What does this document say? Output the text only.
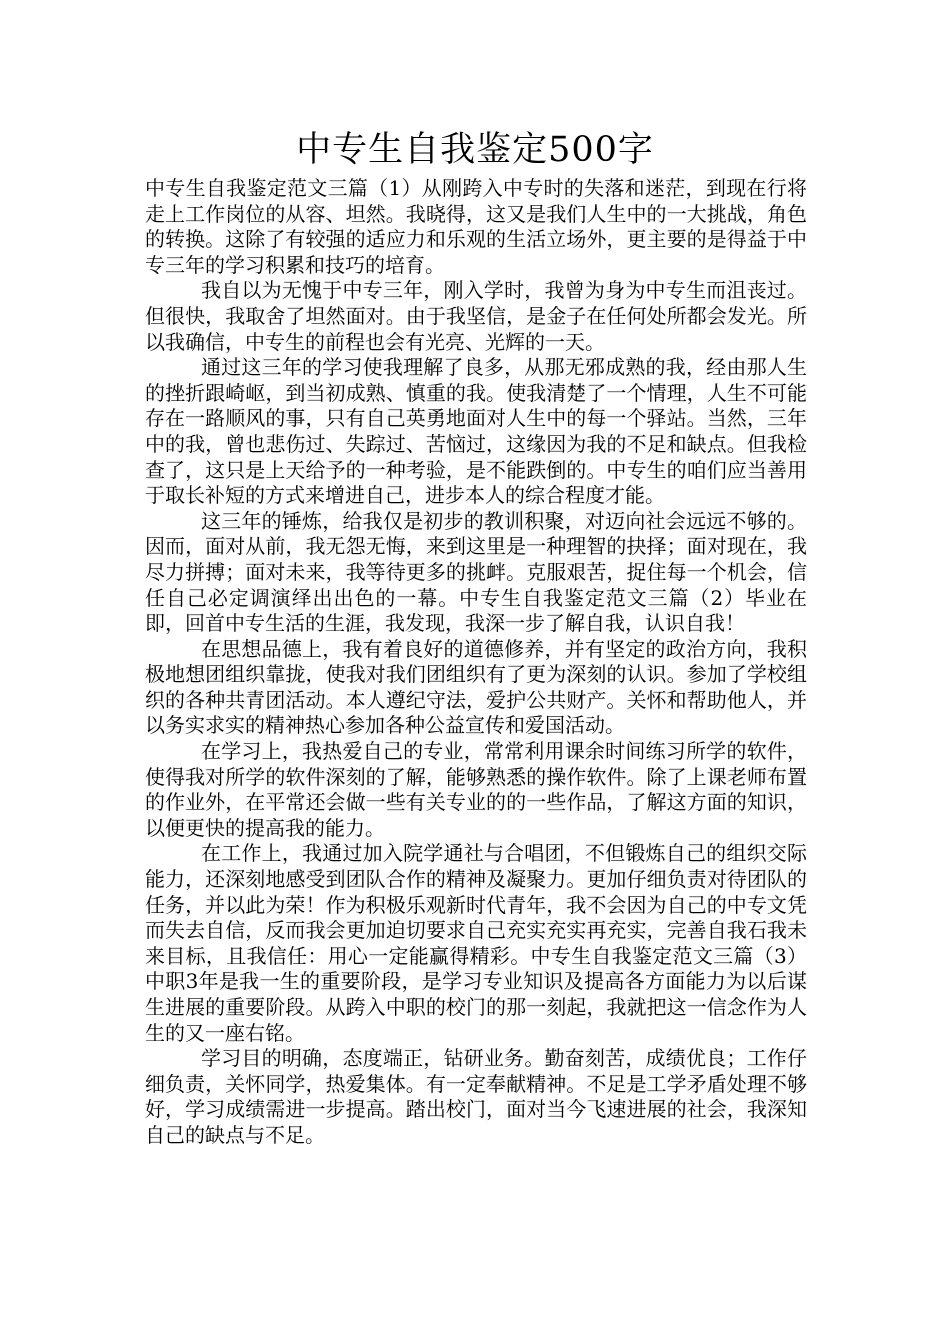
中专生自我鉴定500字

中专生自我鉴定范文三篇（1）从刚跨入中专时的失落和迷茫，到现在行将走上工作岗位的从容、坦然。我晓得，这又是我们人生中的一大挑战，角色的转换。这除了有较强的适应力和乐观的生活立场外，更主要的是得益于中专三年的学习积累和技巧的培育。

我自以为无愧于中专三年，刚入学时，我曾为身为中专生而沮丧过。但很快，我取舍了坦然面对。由于我坚信，是金子在任何处所都会发光。所以我确信，中专生的前程也会有光亮、光辉的一天。

通过这三年的学习使我理解了良多，从那无邪成熟的我，经由那人生的挫折跟崎岖，到当初成熟、慎重的我。使我清楚了一个情理，人生不可能存在一路顺风的事，只有自己英勇地面对人生中的每一个驿站。当然，三年中的我，曾也悲伤过、失踪过、苦恼过，这缘因为我的不足和缺点。但我检查了，这只是上天给予的一种考验，是不能跌倒的。中专生的咱们应当善用于取长补短的方式来增进自己，进步本人的综合程度才能。

这三年的锤炼，给我仅是初步的教训积聚，对迈向社会远远不够的。因而，面对从前，我无怨无悔，来到这里是一种理智的抉择；面对现在，我尽力拼搏；面对未来，我等待更多的挑衅。克服艰苦，捉住每一个机会，信任自己必定调演绎出出色的一幕。中专生自我鉴定范文三篇（2）毕业在即，回首中专生活的生涯，我发现，我深一步了解自我，认识自我！

在思想品德上，我有着良好的道德修养，并有坚定的政治方向，我积极地想团组织靠拢，使我对我们团组织有了更为深刻的认识。参加了学校组织的各种共青团活动。本人遵纪守法，爱护公共财产。关怀和帮助他人，并以务实求实的精神热心参加各种公益宣传和爱国活动。

在学习上，我热爱自己的专业，常常利用课余时间练习所学的软件，使得我对所学的软件深刻的了解，能够熟悉的操作软件。除了上课老师布置的作业外，在平常还会做一些有关专业的的一些作品，了解这方面的知识，以便更快的提高我的能力。

在工作上，我通过加入院学通社与合唱团，不但锻炼自己的组织交际能力，还深刻地感受到团队合作的精神及凝聚力。更加仔细负责对待团队的任务，并以此为荣！作为积极乐观新时代青年，我不会因为自己的中专文凭而失去自信，反而我会更加迫切要求自己充实充实再充实，完善自我石我未来目标，且我信任：用心一定能赢得精彩。中专生自我鉴定范文三篇（3）中职3年是我一生的重要阶段，是学习专业知识及提高各方面能力为以后谋生进展的重要阶段。从跨入中职的校门的那一刻起，我就把这一信念作为人生的又一座右铭。

学习目的明确，态度端正，钻研业务。勤奋刻苦，成绩优良；工作仔细负责，关怀同学，热爱集体。有一定奉献精神。不足是工学矛盾处理不够好，学习成绩需进一步提高。踏出校门，面对当今飞速进展的社会，我深知自己的缺点与不足。
